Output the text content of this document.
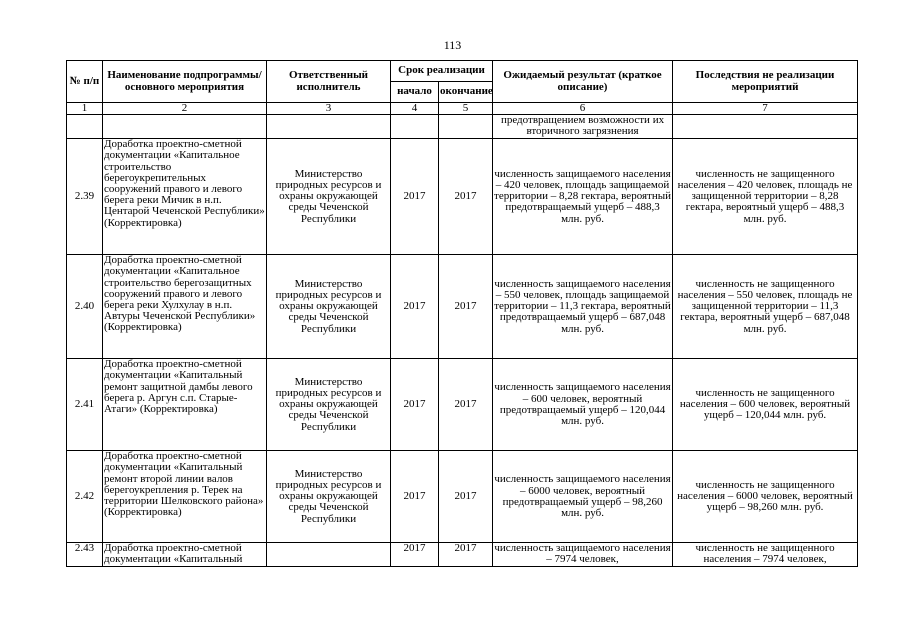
113
№ п/п	Наименование подпрограммы/ основного мероприятия	Ответственный исполнитель	Срок реализации		Ожидаемый результат (краткое описание)	Последствия не реализации мероприятий
			начало	окончание		
1	2	3	4	5	6	7
					предотвращением возможности их вторичного загрязнения	
2.39	Доработка проектно-сметной документации «Капитальное строительство берегоукрепительных сооружений правого и левого берега реки Мичик в н.п. Центарой Чеченской Республики» (Корректировка)	Министерство природных ресурсов и охраны окружающей среды Чеченской Республики	2017	2017	численность защищаемого населения – 420 человек, площадь защищаемой территории – 8,28 гектара, вероятный предотвращаемый ущерб – 488,3 млн. руб.	численность не защищенного населения – 420 человек, площадь не защищенной территории – 8,28 гектара, вероятный ущерб – 488,3 млн. руб.
2.40	Доработка проектно-сметной документации «Капитальное строительство берегозащитных сооружений правого и левого берега реки Хулхулау в н.п. Автуры Чеченской Республики» (Корректировка)	Министерство природных ресурсов и охраны окружающей среды Чеченской Республики	2017	2017	численность защищаемого населения – 550 человек, площадь защищаемой территории – 11,3 гектара, вероятный предотвращаемый ущерб – 687,048 млн. руб.	численность не защищенного населения – 550 человек, площадь не защищенной территории – 11,3 гектара, вероятный ущерб – 687,048 млн. руб.
2.41	Доработка проектно-сметной документации «Капитальный ремонт защитной дамбы левого берега р. Аргун с.п. Старые-Атаги» (Корректировка)	Министерство природных ресурсов и охраны окружающей среды Чеченской Республики	2017	2017	численность защищаемого населения – 600 человек, вероятный предотвращаемый ущерб – 120,044 млн. руб.	численность не защищенного населения – 600 человек, вероятный ущерб – 120,044 млн. руб.
2.42	Доработка проектно-сметной документации «Капитальный ремонт второй линии валов берегоукрепления р. Терек на территории Шелковского района» (Корректировка)	Министерство природных ресурсов и охраны окружающей среды Чеченской Республики	2017	2017	численность защищаемого населения – 6000 человек, вероятный предотвращаемый ущерб – 98,260 млн. руб.	численность не защищенного населения – 6000 человек, вероятный ущерб – 98,260 млн. руб.
2.43	Доработка проектно-сметной документации «Капитальный		2017	2017	численность защищаемого населения – 7974 человек,	численность не защищенного населения – 7974 человек,
